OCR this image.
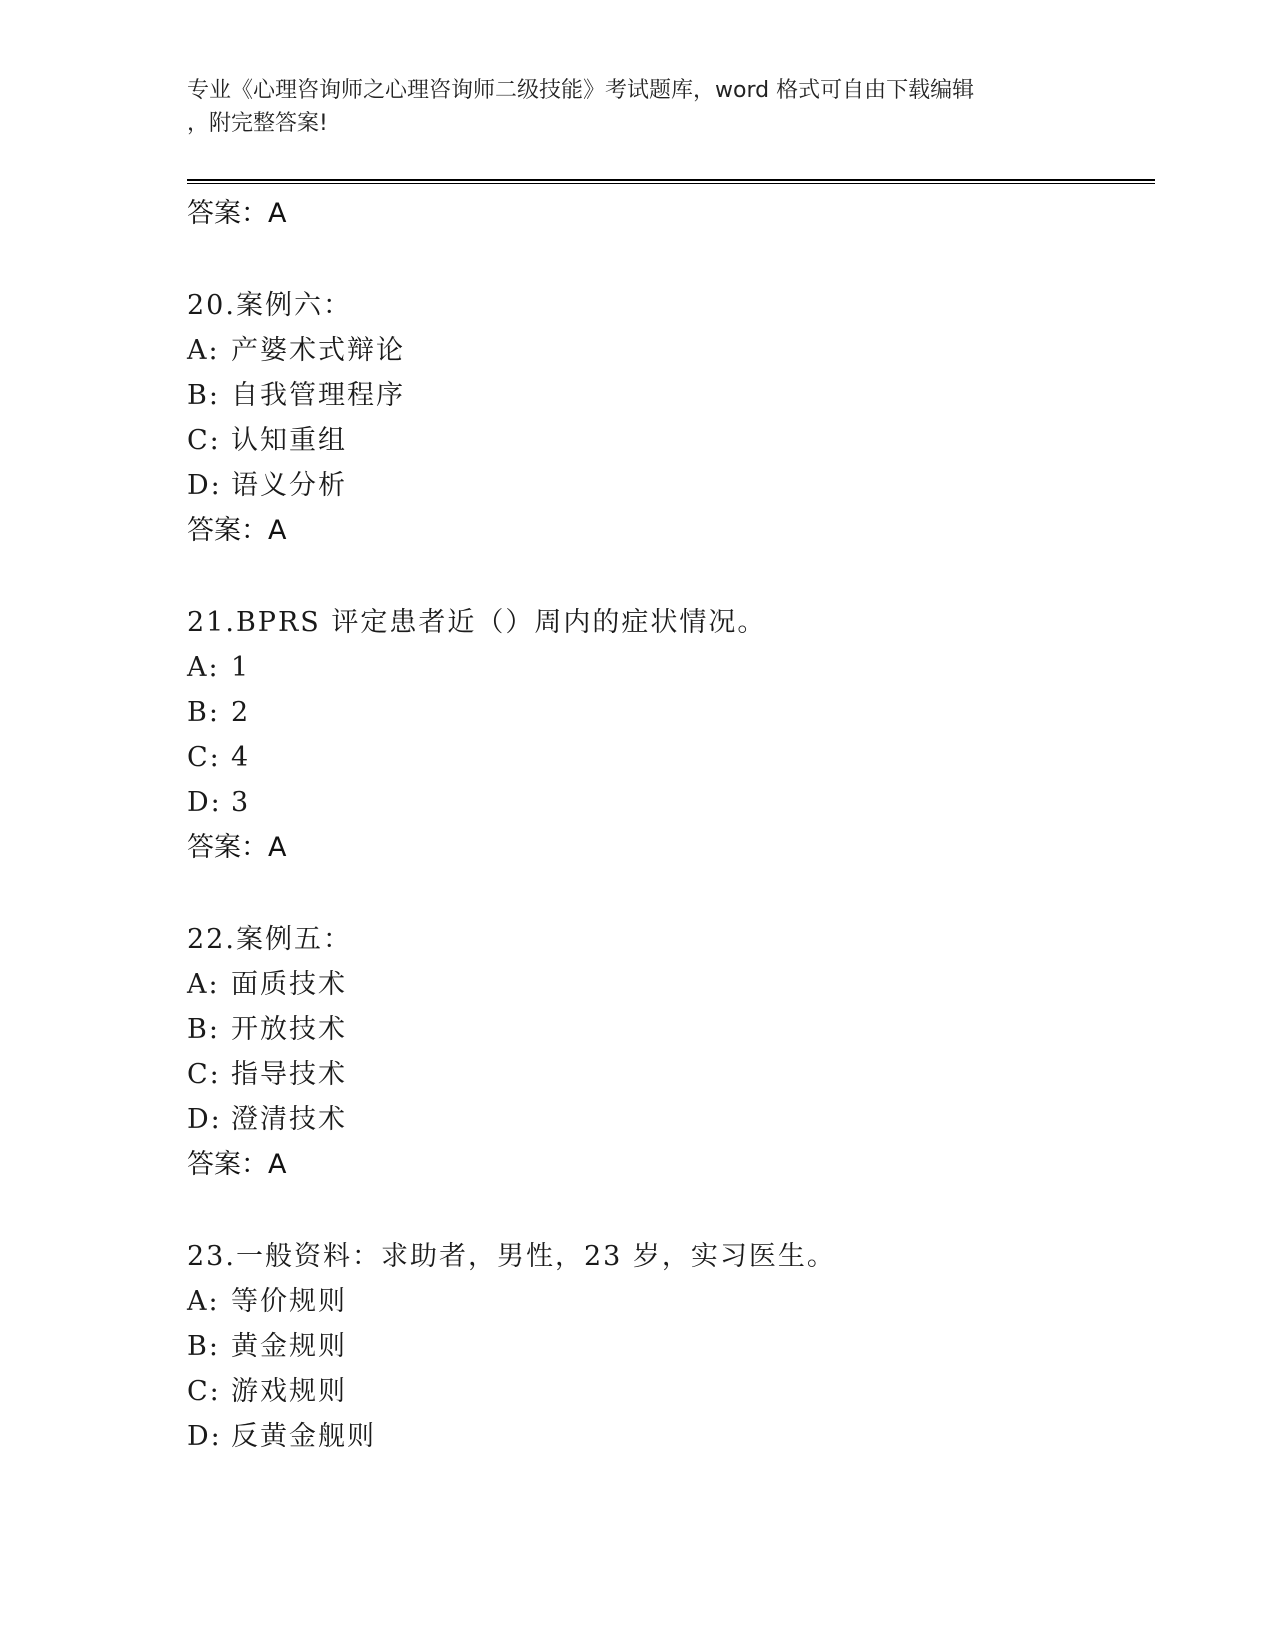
专业《心理咨询师之心理咨询师二级技能》考试题库，word 格式可自由下载编辑
，附完整答案!
答案：A
20.案例六：
A: 产婆术式辩论
B: 自我管理程序
C: 认知重组
D: 语义分析
答案：A
21.BPRS 评定患者近（）周内的症状情况。
A: 1
B: 2
C: 4
D: 3
答案：A
22.案例五：
A: 面质技术
B: 开放技术
C: 指导技术
D: 澄清技术
答案：A
23.一般资料：求助者，男性，23 岁，实习医生。
A: 等价规则
B: 黄金规则
C: 游戏规则
D: 反黄金舰则
